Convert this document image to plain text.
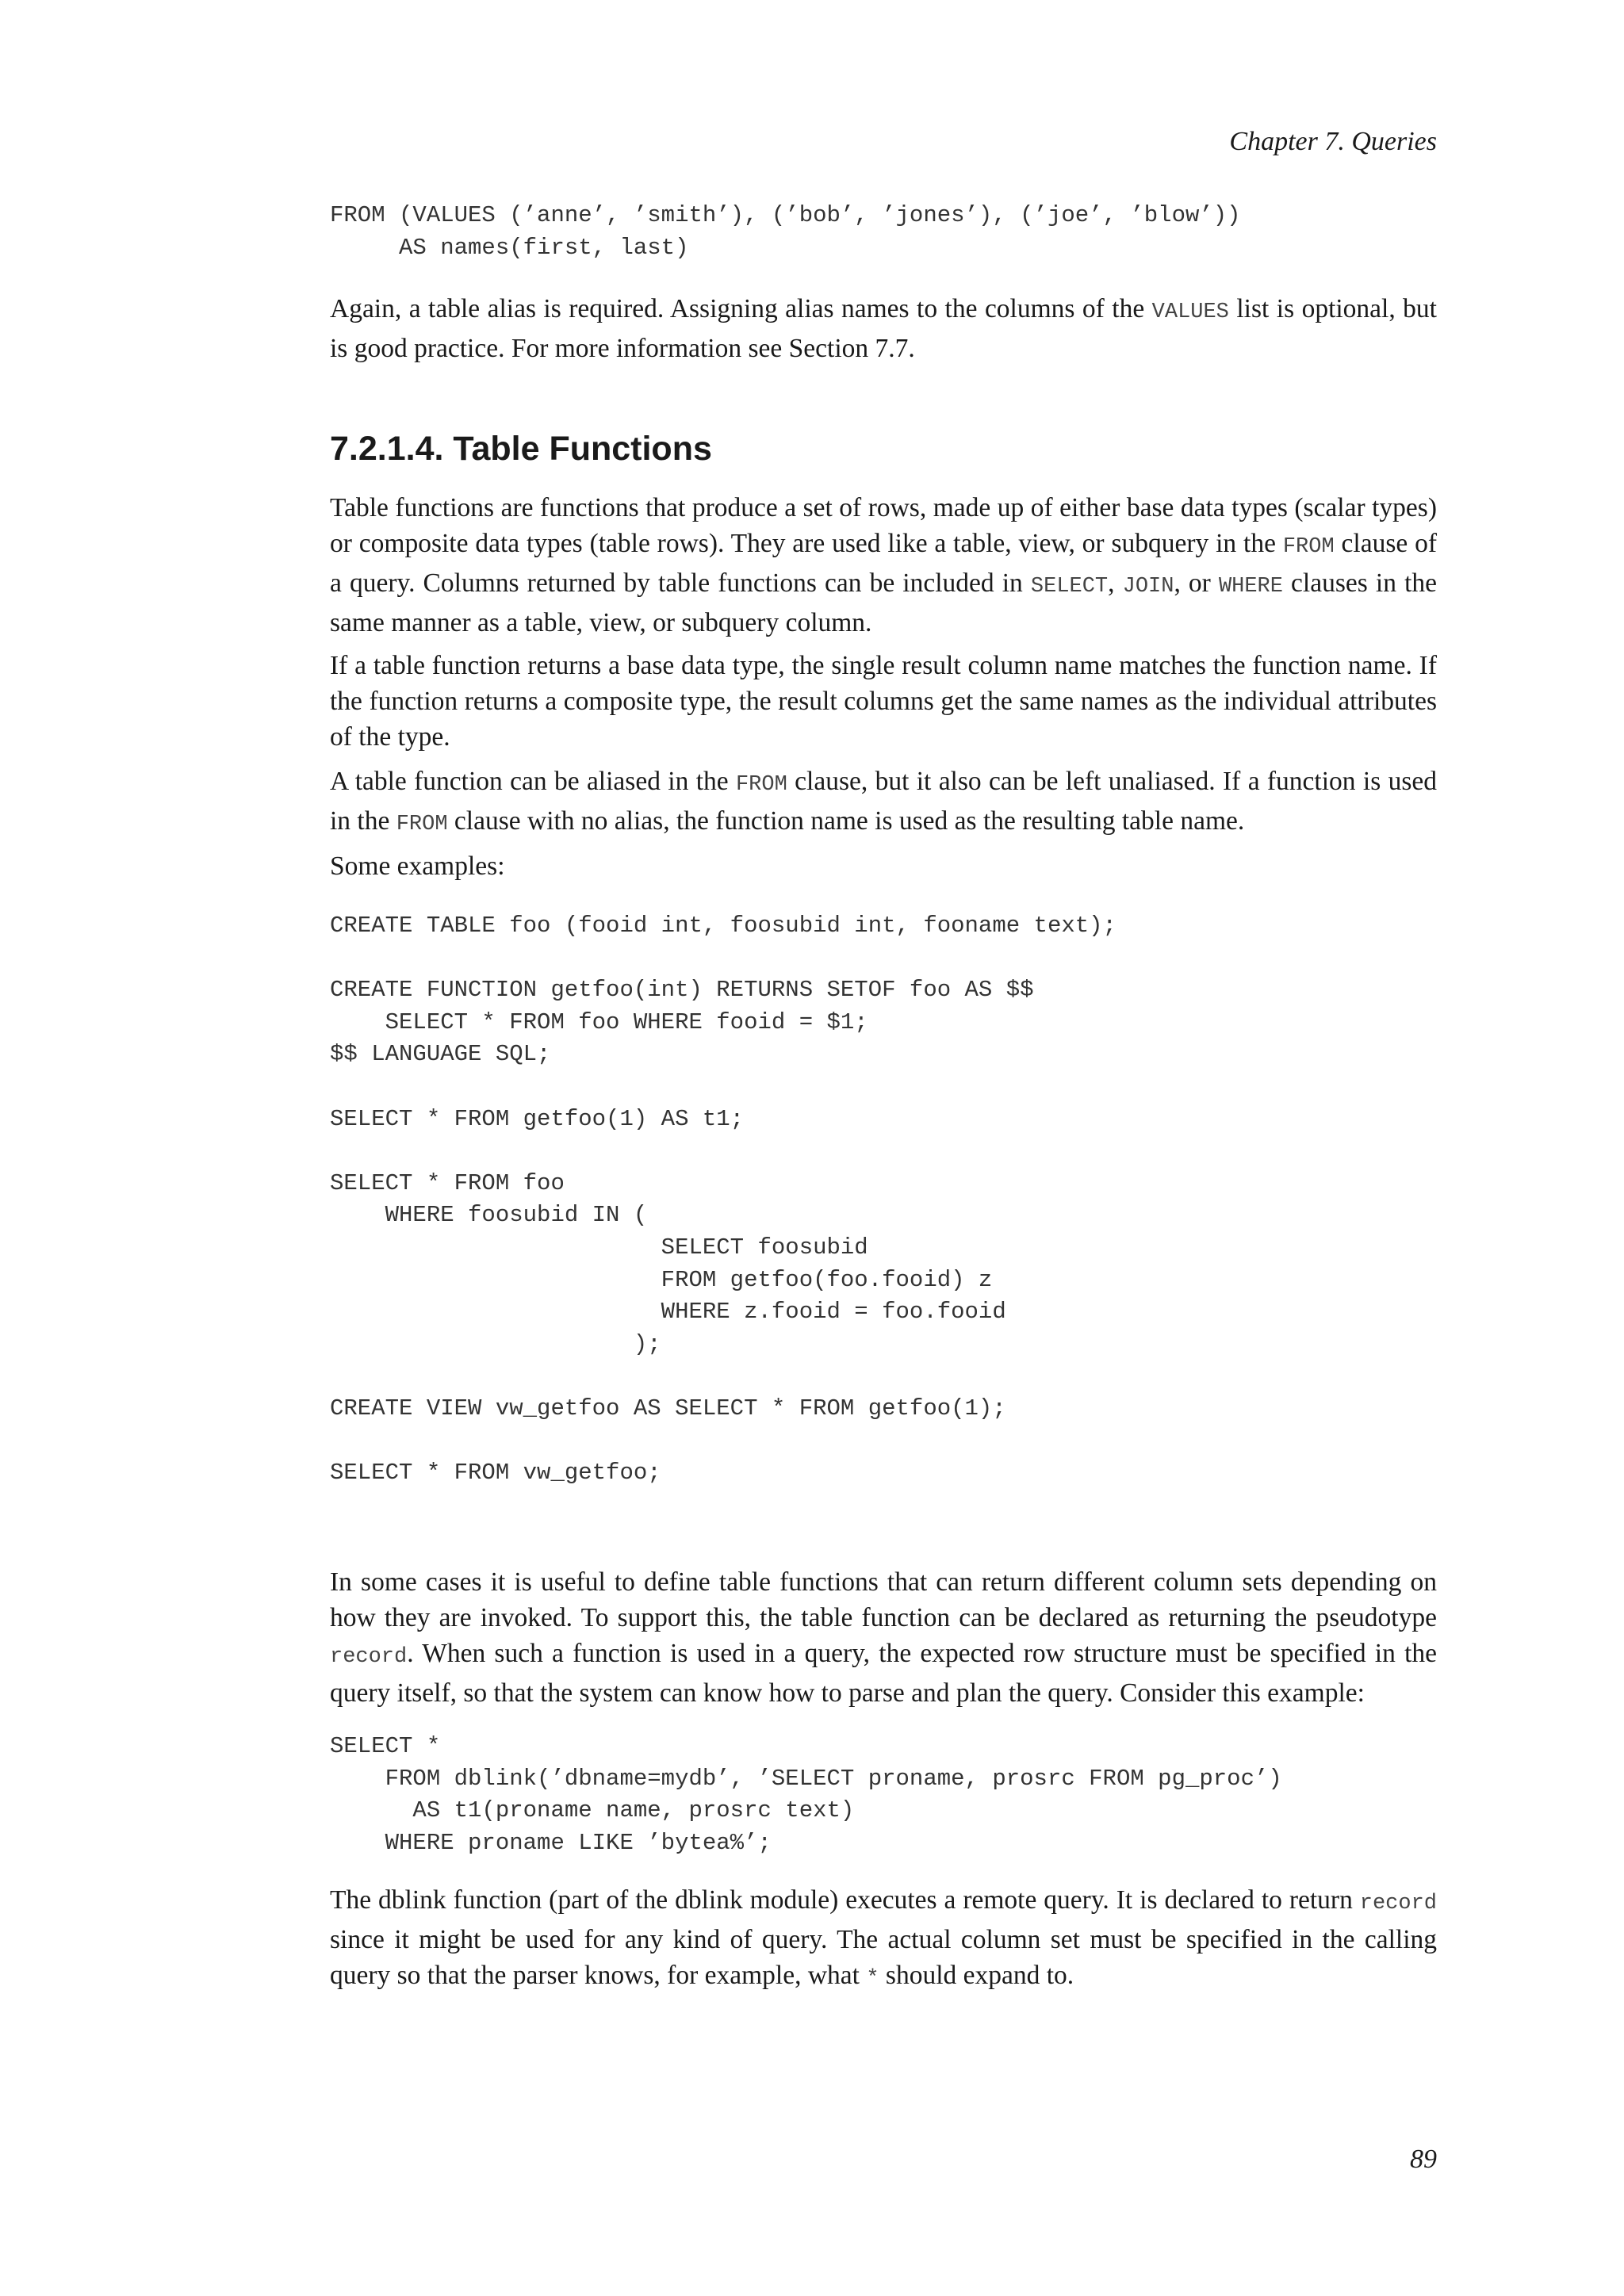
Chapter 7. Queries
FROM (VALUES (’anne’, ’smith’), (’bob’, ’jones’), (’joe’, ’blow’))
AS names(first, last)

Again, a table alias is required. Assigning alias names to the columns of the VALUES list is optional, but is good practice. For more information see Section 7.7.

7.2.1.4. Table Functions

Table functions are functions that produce a set of rows, made up of either base data types (scalar types) or composite data types (table rows). They are used like a table, view, or subquery in the FROM clause of a query. Columns returned by table functions can be included in SELECT, JOIN, or WHERE clauses in the same manner as a table, view, or subquery column.

If a table function returns a base data type, the single result column name matches the function name. If the function returns a composite type, the result columns get the same names as the individual attributes of the type.

A table function can be aliased in the FROM clause, but it also can be left unaliased. If a function is used in the FROM clause with no alias, the function name is used as the resulting table name.

Some examples:

CREATE TABLE foo (fooid int, foosubid int, fooname text);

CREATE FUNCTION getfoo(int) RETURNS SETOF foo AS $$
SELECT * FROM foo WHERE fooid = $1;
$$ LANGUAGE SQL;

SELECT * FROM getfoo(1) AS t1;

SELECT * FROM foo
WHERE foosubid IN (
SELECT foosubid
FROM getfoo(foo.fooid) z
WHERE z.fooid = foo.fooid
);

CREATE VIEW vw_getfoo AS SELECT * FROM getfoo(1);

SELECT * FROM vw_getfoo;

In some cases it is useful to define table functions that can return different column sets depending on how they are invoked. To support this, the table function can be declared as returning the pseudotype record. When such a function is used in a query, the expected row structure must be specified in the query itself, so that the system can know how to parse and plan the query. Consider this example:

SELECT *
FROM dblink(’dbname=mydb’, ’SELECT proname, prosrc FROM pg_proc’)
AS t1(proname name, prosrc text)
WHERE proname LIKE ’bytea%’;

The dblink function (part of the dblink module) executes a remote query. It is declared to return record since it might be used for any kind of query. The actual column set must be specified in the calling query so that the parser knows, for example, what * should expand to.

89
